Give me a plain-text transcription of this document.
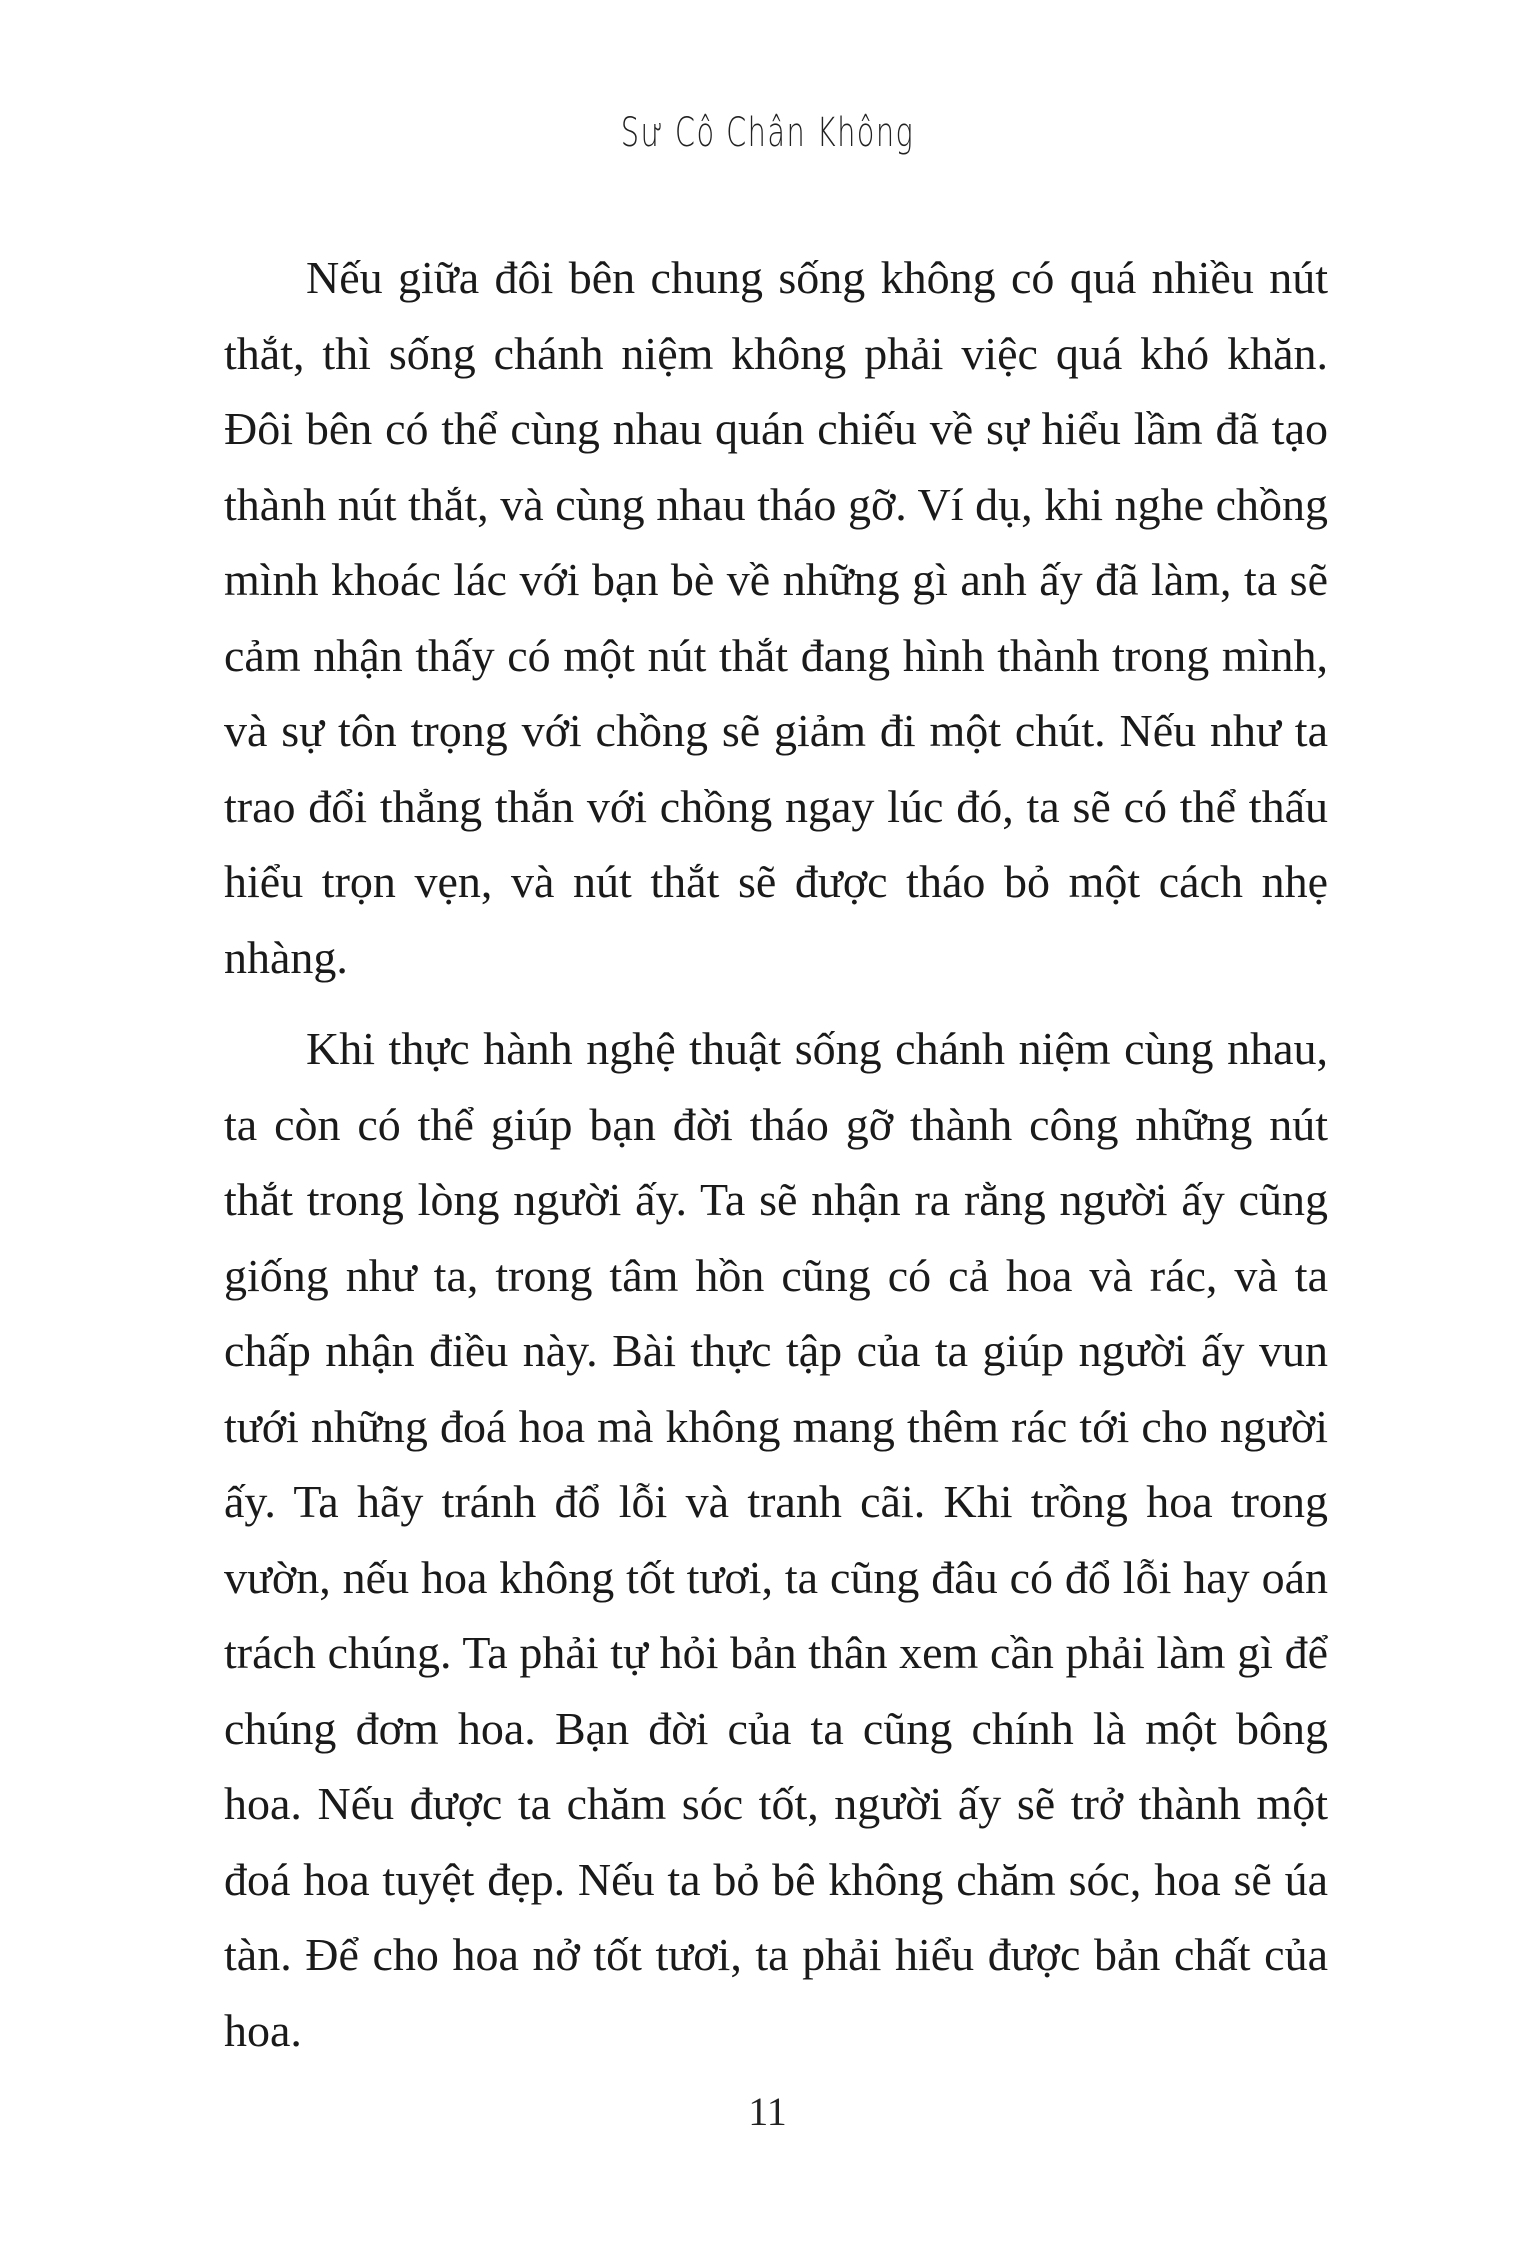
Sư Cô Chân Không

Nếu giữa đôi bên chung sống không có quá nhiều nút thắt, thì sống chánh niệm không phải việc quá khó khăn. Đôi bên có thể cùng nhau quán chiếu về sự hiểu lầm đã tạo thành nút thắt, và cùng nhau tháo gỡ. Ví dụ, khi nghe chồng mình khoác lác với bạn bè về những gì anh ấy đã làm, ta sẽ cảm nhận thấy có một nút thắt đang hình thành trong mình, và sự tôn trọng với chồng sẽ giảm đi một chút. Nếu như ta trao đổi thẳng thắn với chồng ngay lúc đó, ta sẽ có thể thấu hiểu trọn vẹn, và nút thắt sẽ được tháo bỏ một cách nhẹ nhàng.

Khi thực hành nghệ thuật sống chánh niệm cùng nhau, ta còn có thể giúp bạn đời tháo gỡ thành công những nút thắt trong lòng người ấy. Ta sẽ nhận ra rằng người ấy cũng giống như ta, trong tâm hồn cũng có cả hoa và rác, và ta chấp nhận điều này. Bài thực tập của ta giúp người ấy vun tưới những đoá hoa mà không mang thêm rác tới cho người ấy. Ta hãy tránh đổ lỗi và tranh cãi. Khi trồng hoa trong vườn, nếu hoa không tốt tươi, ta cũng đâu có đổ lỗi hay oán trách chúng. Ta phải tự hỏi bản thân xem cần phải làm gì để chúng đơm hoa. Bạn đời của ta cũng chính là một bông hoa. Nếu được ta chăm sóc tốt, người ấy sẽ trở thành một đoá hoa tuyệt đẹp. Nếu ta bỏ bê không chăm sóc, hoa sẽ úa tàn. Để cho hoa nở tốt tươi, ta phải hiểu được bản chất của hoa.

11
